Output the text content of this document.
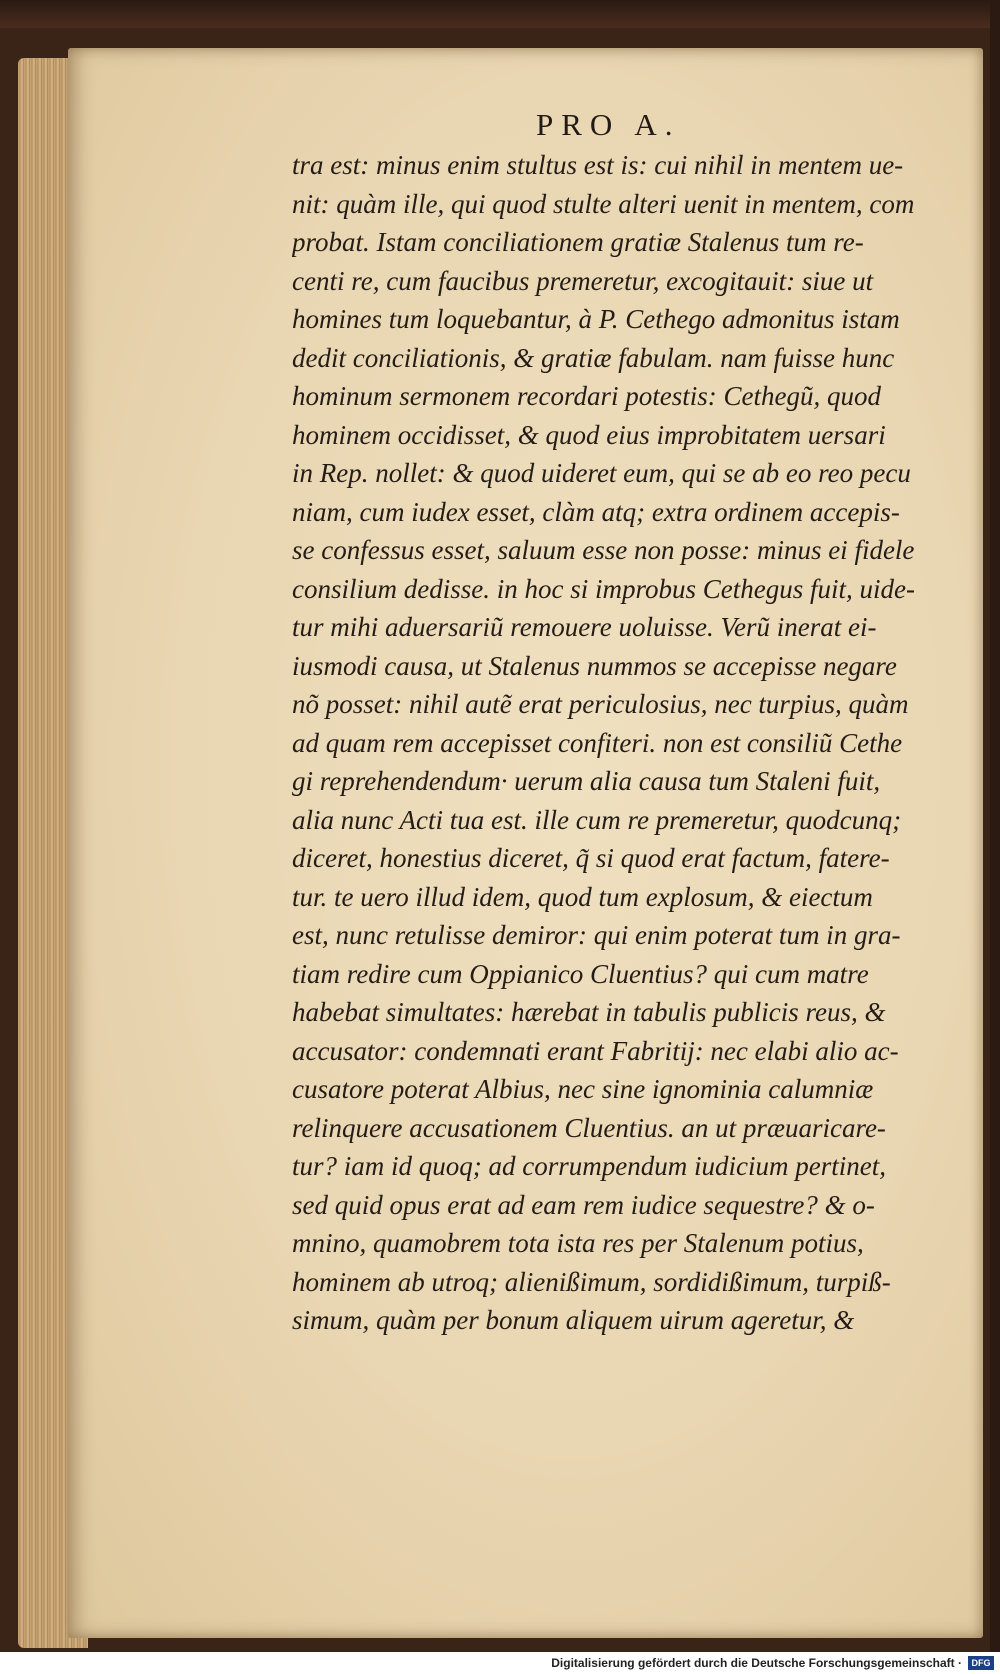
PRO A.
tra est: minus enim stultus est is: cui nihil in mentem ue-
nit: quàm ille, qui quod stulte alteri uenit in mentem, com
probat. Istam conciliationem gratiæ Stalenus tum re-
centi re, cum faucibus premeretur, excogitauit: siue ut
homines tum loquebantur, à P. Cethego admonitus istam
dedit conciliationis, & gratiæ fabulam. nam fuisse hunc
hominum sermonem recordari potestis: Cethegũ, quod
hominem occidisset, & quod eius improbitatem uersari
in Rep. nollet: & quod uideret eum, qui se ab eo reo pecu
niam, cum iudex esset, clàm atq; extra ordinem accepis-
se confessus esset, saluum esse non posse: minus ei fidele
consilium dedisse. in hoc si improbus Cethegus fuit, uide-
tur mihi aduersariũ remouere uoluisse. Verũ inerat ei-
iusmodi causa, ut Stalenus nummos se accepisse negare
nõ posset: nihil autẽ erat periculosius, nec turpius, quàm
ad quam rem accepisset confiteri. non est consiliũ Cethe
gi reprehendendum· uerum alia causa tum Staleni fuit,
alia nunc Acti tua est. ille cum re premeretur, quodcunq;
diceret, honestius diceret, q̃ si quod erat factum, fatere-
tur. te uero illud idem, quod tum explosum, & eiectum
est, nunc retulisse demiror: qui enim poterat tum in gra-
tiam redire cum Oppianico Cluentius? qui cum matre
habebat simultates: hærebat in tabulis publicis reus, &
accusator: condemnati erant Fabritij: nec elabi alio ac-
cusatore poterat Albius, nec sine ignominia calumniæ
relinquere accusationem Cluentius. an ut præuaricare-
tur? iam id quoq; ad corrumpendum iudicium pertinet,
sed quid opus erat ad eam rem iudice sequestre? & o-
mnino, quamobrem tota ista res per Stalenum potius,
hominem ab utroq; alienißimum, sordidißimum, turpiß-
simum, quàm per bonum aliquem uirum ageretur, &
Digitalisierung gefördert durch die Deutsche Forschungsgemeinschaft ·	DFG
